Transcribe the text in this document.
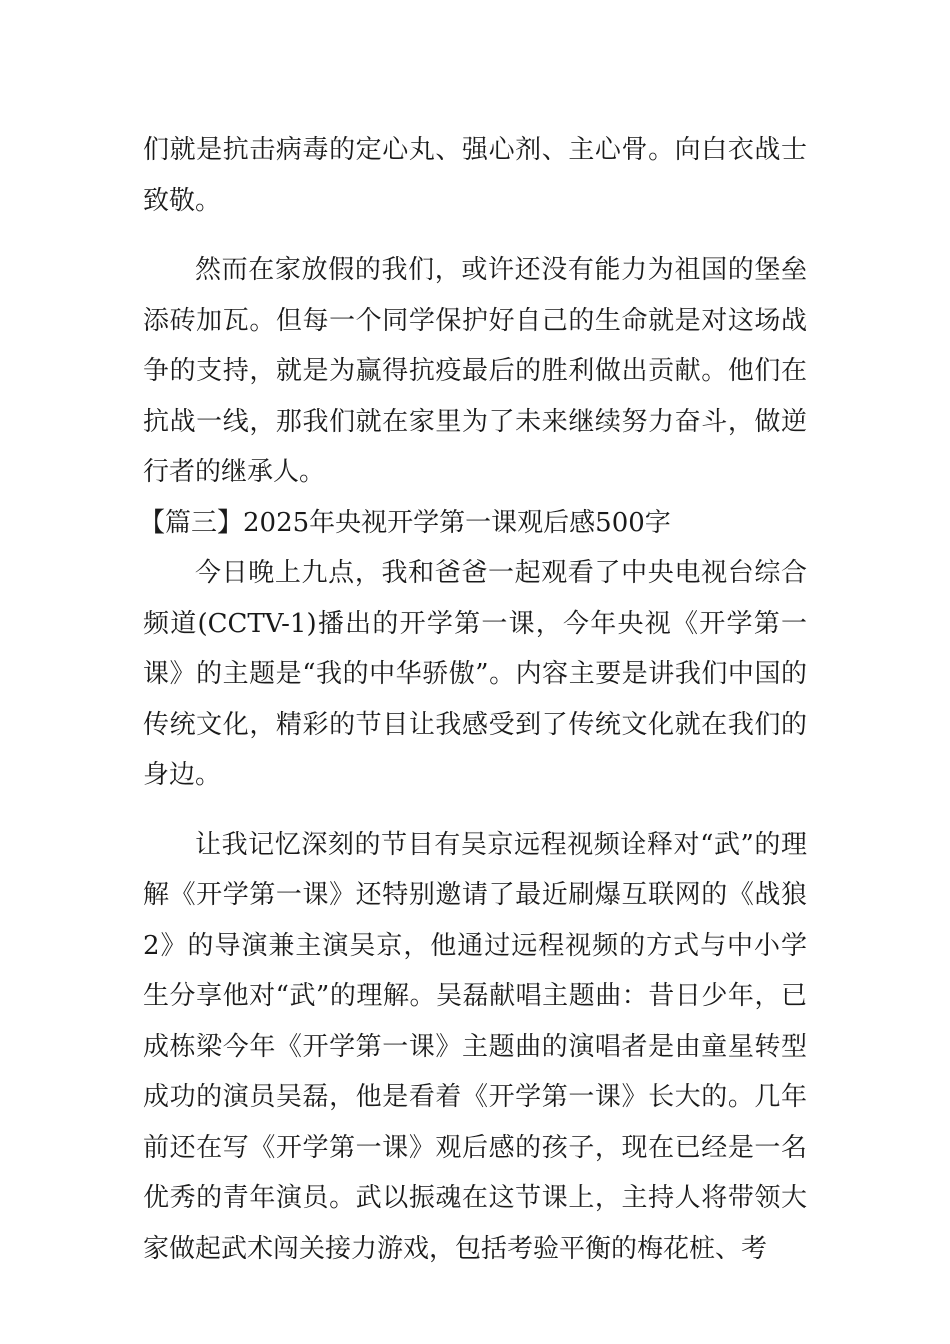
们就是抗击病毒的定心丸、强心剂、主心骨。向白衣战士致敬。

然而在家放假的我们，或许还没有能力为祖国的堡垒添砖加瓦。但每一个同学保护好自己的生命就是对这场战争的支持，就是为赢得抗疫最后的胜利做出贡献。他们在抗战一线，那我们就在家里为了未来继续努力奋斗，做逆行者的继承人。

【篇三】2025年央视开学第一课观后感500字

今日晚上九点，我和爸爸一起观看了中央电视台综合频道(CCTV-1)播出的开学第一课，今年央视《开学第一课》的主题是“我的中华骄傲”。内容主要是讲我们中国的传统文化，精彩的节目让我感受到了传统文化就在我们的身边。

让我记忆深刻的节目有吴京远程视频诠释对“武”的理解《开学第一课》还特别邀请了最近刷爆互联网的《战狼2》的导演兼主演吴京，他通过远程视频的方式与中小学生分享他对“武”的理解。吴磊献唱主题曲：昔日少年，已成栋梁今年《开学第一课》主题曲的演唱者是由童星转型成功的演员吴磊，他是看着《开学第一课》长大的。几年前还在写《开学第一课》观后感的孩子，现在已经是一名优秀的青年演员。武以振魂在这节课上，主持人将带领大家做起武术闯关接力游戏，包括考验平衡的梅花桩、考
